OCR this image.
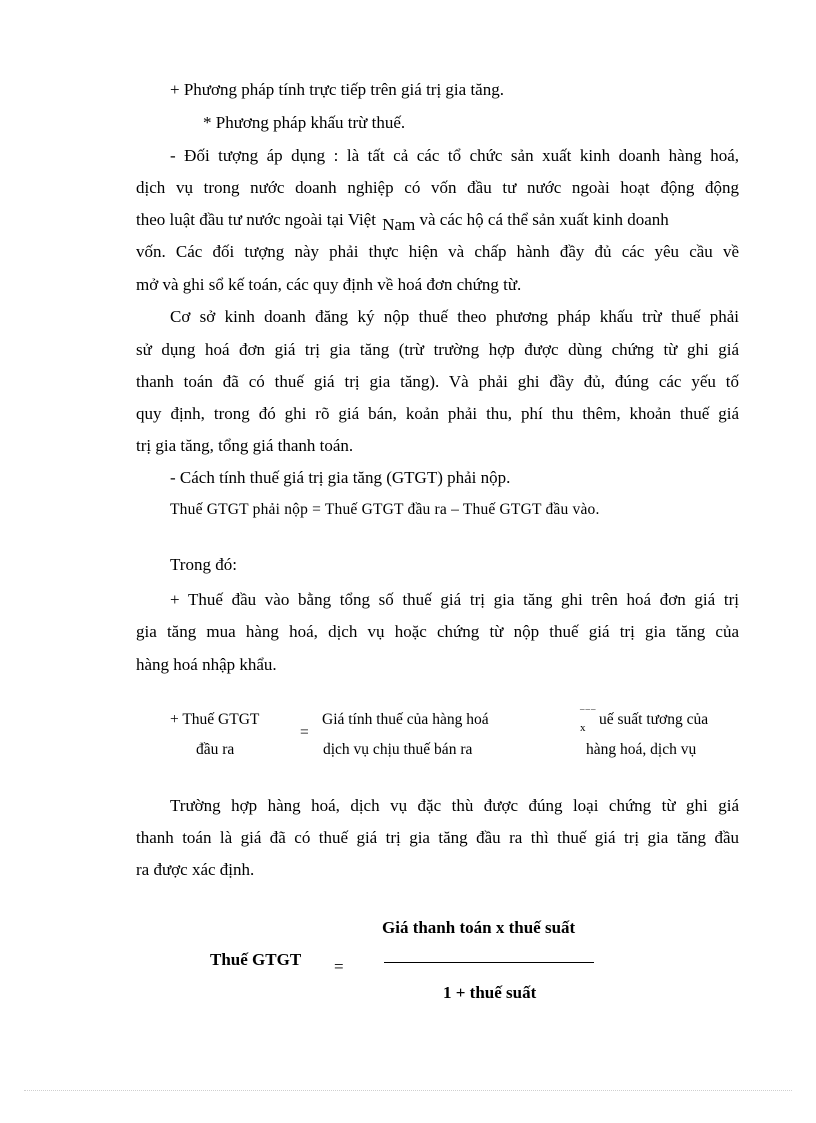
+ Phương pháp tính trực tiếp trên giá trị gia tăng.
* Phương pháp khấu trừ thuế.
- Đối tượng áp dụng : là tất cả các tổ chức sản xuất kinh doanh hàng hoá,
dịch vụ trong nước doanh nghiệp có vốn đầu tư nước ngoài hoạt động động
theo luật đầu tư nước ngoài tại Việt Nam và các hộ cá thể sản xuất kinh doanh
vốn. Các đối tượng này phải thực hiện và chấp hành đầy đủ các yêu cầu về
mở và ghi sổ kế toán, các quy định về hoá đơn chứng từ.
Cơ sở kinh doanh đăng ký nộp thuế theo phương pháp khấu trừ thuế phải
sử dụng hoá đơn giá trị gia tăng (trừ trường hợp được dùng chứng từ ghi giá
thanh toán đã có thuế giá trị gia tăng). Và phải ghi đầy đủ, đúng các yếu tố
quy định, trong đó ghi rõ giá bán, koản phải thu, phí thu thêm, khoản thuế giá
trị gia tăng, tổng giá thanh toán.
- Cách tính thuế giá trị gia tăng (GTGT) phải nộp.
Thuế GTGT phải nộp = Thuế GTGT đầu ra – Thuế GTGT đầu vào.
Trong đó:
+ Thuế đầu vào bằng tổng số thuế giá trị gia tăng ghi trên hoá đơn giá trị
gia tăng mua hàng hoá, dịch vụ hoặc chứng từ nộp thuế giá trị gia tăng của
hàng hoá nhập khẩu.
+ Thuế GTGT
đầu ra
=
Giá tính thuế của hàng hoá
dịch vụ chịu thuế bán ra
¯¯¯
x uế suất tương của
hàng hoá, dịch vụ
Trường hợp hàng hoá, dịch vụ đặc thù được đúng loại chứng từ ghi giá
thanh toán là giá đã có thuế giá trị gia tăng đầu ra thì thuế giá trị gia tăng đầu
ra được xác định.
Giá thanh toán x thuế suất
Thuế GTGT =
1 + thuế suất
